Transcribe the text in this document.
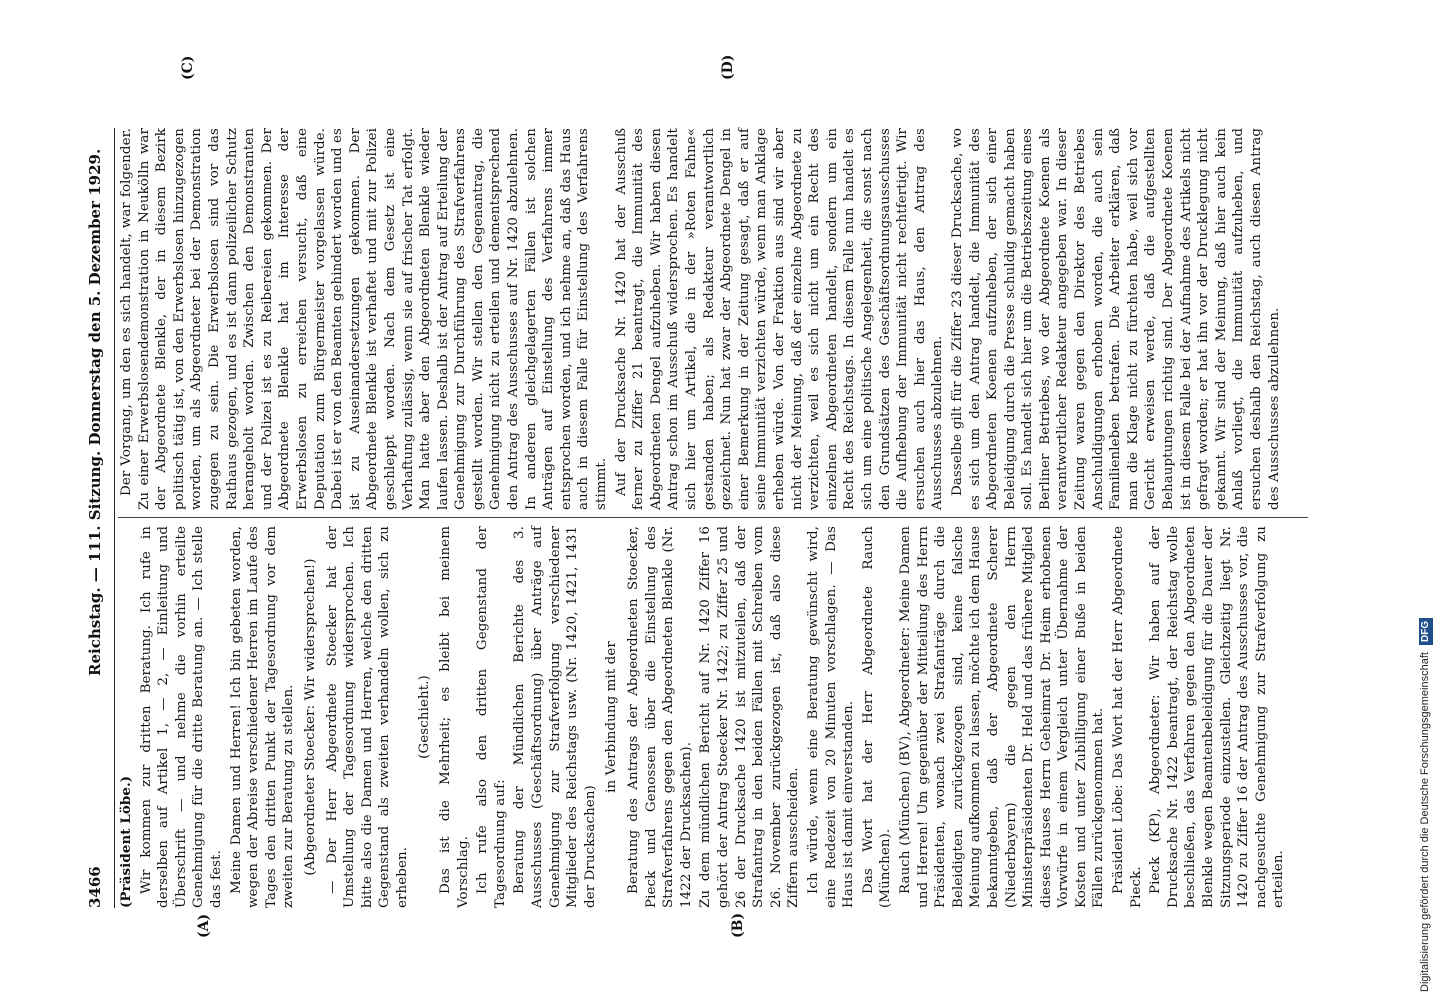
3466
Reichstag. — 111. Sitzung. Donnerstag den 5. Dezember 1929.
(A)	(B)
(C)	(D)

(Präsident Löbe.) Wir kommen zur dritten Beratung. Ich rufe in derselben auf Artikel 1, — 2, — Einleitung und Überschrift — und nehme die vorhin erteilte Genehmigung für die dritte Beratung an. — Ich stelle das fest. Meine Damen und Herren! Ich bin gebeten worden, wegen der Abreise verschiedener Herren im Laufe des Tages den dritten Punkt der Tagesordnung vor dem zweiten zur Beratung zu stellen. (Abgeordneter Stoecker: Wir widersprechen!) — Der Herr Abgeordnete Stoecker hat der Umstellung der Tagesordnung widersprochen. Ich bitte also die Damen und Herren, welche den dritten Gegenstand als zweiten verhandeln wollen, sich zu erheben.

(Geschieht.) Das ist die Mehrheit; es bleibt bei meinem Vorschlag. Ich rufe also den dritten Gegenstand der Tagesordnung auf: Beratung der Mündlichen Berichte des 3. Ausschusses (Geschäftsordnung) über Anträge auf Genehmigung zur Strafverfolgung verschiedener Mitglieder des Reichstags usw. (Nr. 1420, 1421, 1431 der Drucksachen)

in Verbindung mit der Beratung des Antrags der Abgeordneten Stoecker, Pieck und Genossen über die Einstellung des Strafverfahrens gegen den Abgeordneten Blenkle (Nr. 1422 der Drucksachen). Zu dem mündlichen Bericht auf Nr. 1420 Ziffer 16 gehört der Antrag Stoecker Nr. 1422; zu Ziffer 25 und 26 der Drucksache 1420 ist mitzuteilen, daß der Strafantrag in den beiden Fällen mit Schreiben vom 26. November zurückgezogen ist, daß also diese Ziffern ausscheiden. Ich würde, wenn eine Beratung gewünscht wird, eine Redezeit von 20 Minuten vorschlagen. — Das Haus ist damit einverstanden. Das Wort hat der Herr Abgeordnete Rauch (München). Rauch (München) (BV), Abgeordneter: Meine Damen und Herren! Um gegenüber der Mitteilung des Herrn Präsidenten, wonach zwei Strafanträge durch die Beleidigten zurückgezogen sind, keine falsche Meinung aufkommen zu lassen, möchte ich dem Hause bekanntgeben, daß der Abgeordnete Scherer (Niederbayern) die gegen den Herrn Ministerpräsidenten Dr. Held und das frühere Mitglied dieses Hauses Herrn Geheimrat Dr. Heim erhobenen Vorwürfe in einem Vergleich unter Übernahme der Kosten und unter Zubilligung einer Buße in beiden Fällen zurückgenommen hat. Präsident Löbe: Das Wort hat der Herr Abgeordnete Pieck. Pieck (KP), Abgeordneter: Wir haben auf der Drucksache Nr. 1422 beantragt, der Reichstag wolle beschließen, das Verfahren gegen den Abgeordneten Blenkle wegen Beamtenbeleidigung für die Dauer der Sitzungsperiode einzustellen. Gleichzeitig liegt Nr. 1420 zu Ziffer 16 der Antrag des Ausschusses vor, die nachgesuchte Genehmigung zur Strafverfolgung zu erteilen.

Der Vorgang, um den es sich handelt, war folgender. Zu einer Erwerbslosendemonstration in Neukölln war der Abgeordnete Blenkle, der in diesem Bezirk politisch tätig ist, von den Erwerbslosen hinzugezogen worden, um als Abgeordneter bei der Demonstration zugegen zu sein. Die Erwerbslosen sind vor das Rathaus gezogen, und es ist dann polizeilicher Schutz herangeholt worden. Zwischen den Demonstranten und der Polizei ist es zu Reibereien gekommen. Der Abgeordnete Blenkle hat im Interesse der Erwerbslosen zu erreichen versucht, daß eine Deputation zum Bürgermeister vorgelassen würde. Dabei ist er von den Beamten gehindert worden und es ist zu Auseinandersetzungen gekommen. Der Abgeordnete Blenkle ist verhaftet und mit zur Polizei geschleppt worden. Nach dem Gesetz ist eine Verhaftung zulässig, wenn sie auf frischer Tat erfolgt. Man hatte aber den Abgeordneten Blenkle wieder laufen lassen. Deshalb ist der Antrag auf Erteilung der Genehmigung zur Durchführung des Strafverfahrens gestellt worden. Wir stellen den Gegenantrag, die Genehmigung nicht zu erteilen und dementsprechend den Antrag des Ausschusses auf Nr. 1420 abzulehnen. In anderen gleichgelagerten Fällen ist solchen Anträgen auf Einstellung des Verfahrens immer entsprochen worden, und ich nehme an, daß das Haus auch in diesem Falle für Einstellung des Verfahrens stimmt. Auf der Drucksache Nr. 1420 hat der Ausschuß ferner zu Ziffer 21 beantragt, die Immunität des Abgeordneten Dengel aufzuheben. Wir haben diesen Antrag schon im Ausschuß widersprochen. Es handelt sich hier um Artikel, die in der »Roten Fahne« gestanden haben; als Redakteur verantwortlich gezeichnet. Nun hat zwar der Abgeordnete Dengel in einer Bemerkung in der Zeitung gesagt, daß er auf seine Immunität verzichten würde, wenn man Anklage erheben würde. Von der Fraktion aus sind wir aber nicht der Meinung, daß der einzelne Abgeordnete zu verzichten, weil es sich nicht um ein Recht des einzelnen Abgeordneten handelt, sondern um ein Recht des Reichstags. In diesem Falle nun handelt es sich um eine politische Angelegenheit, die sonst nach den Grundsätzen des Geschäftsordnungsausschusses die Aufhebung der Immunität nicht rechtfertigt. Wir ersuchen auch hier das Haus, den Antrag des Ausschusses abzulehnen. Dasselbe gilt für die Ziffer 23 dieser Drucksache, wo es sich um den Antrag handelt, die Immunität des Abgeordneten Koenen aufzuheben, der sich einer Beleidigung durch die Presse schuldig gemacht haben soll. Es handelt sich hier um die Betriebszeitung eines Berliner Betriebes, wo der Abgeordnete Koenen als verantwortlicher Redakteur angegeben war. In dieser Zeitung waren gegen den Direktor des Betriebes Anschuldigungen erhoben worden, die auch sein Familienleben betrafen. Die Arbeiter erklären, daß man die Klage nicht zu fürchten habe, weil sich vor Gericht erweisen werde, daß die aufgestellten Behauptungen richtig sind. Der Abgeordnete Koenen ist in diesem Falle bei der Aufnahme des Artikels nicht gefragt worden; er hat ihn vor der Drucklegung nicht gekannt. Wir sind der Meinung, daß hier auch kein Anlaß vorliegt, die Immunität aufzuheben, und ersuchen deshalb den Reichstag, auch diesen Antrag des Ausschusses abzulehnen.

Digitalisierung gefördert durch die Deutsche Forschungsgemeinschaft DFG
